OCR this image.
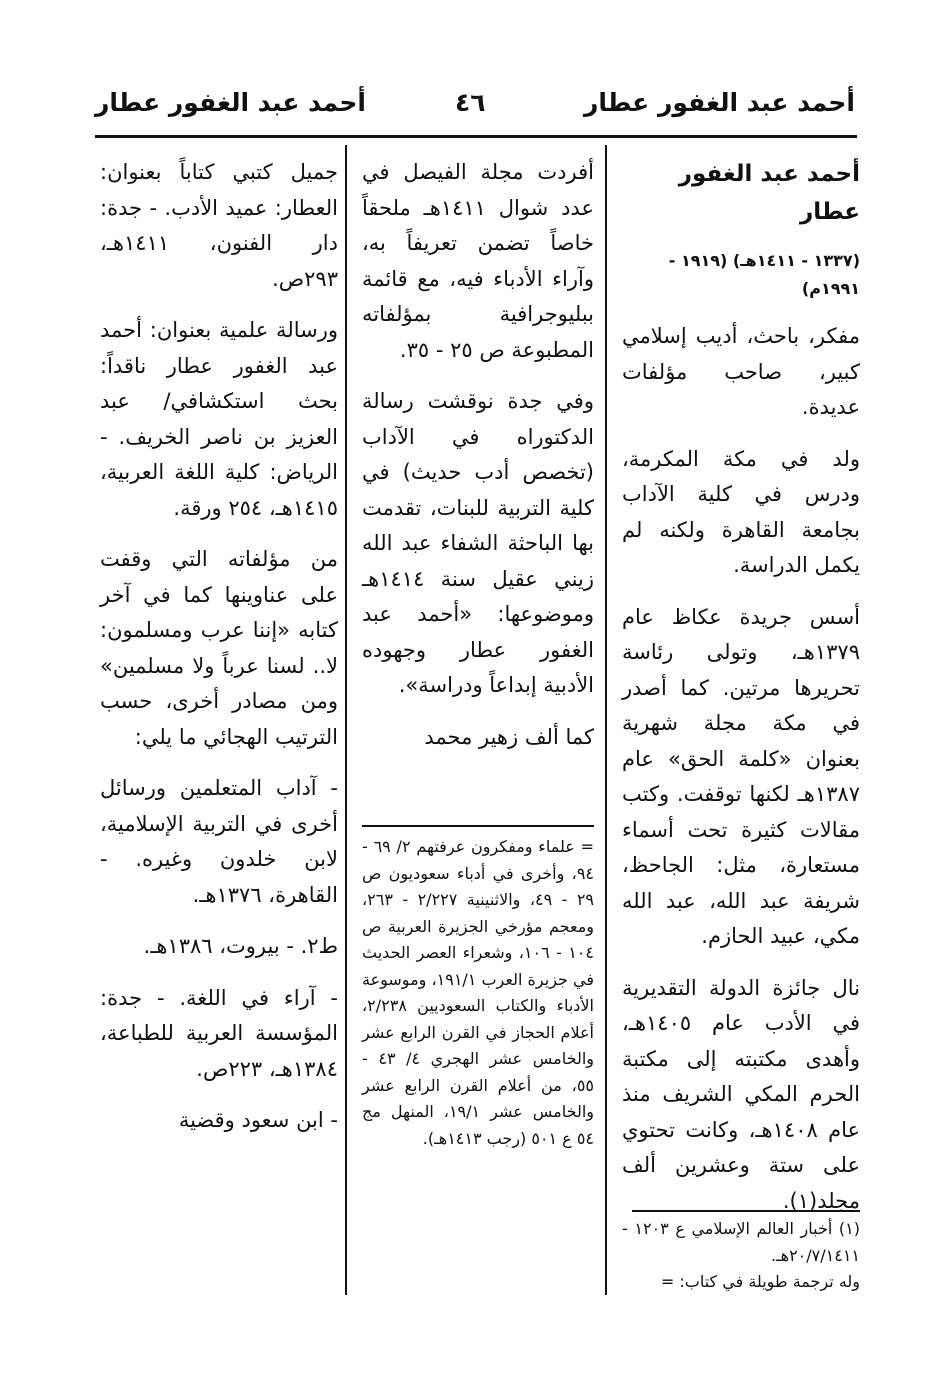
أحمد عبد الغفور عطار
٤٦
أحمد عبد الغفور عطار

أحمد عبد الغفور عطار

(١٣٣٧ - ١٤١١هـ) (١٩١٩ - ١٩٩١م)

مفكر، باحث، أديب إسلامي كبير، صاحب مؤلفات عديدة.

ولد في مكة المكرمة، ودرس في كلية الآداب بجامعة القاهرة ولكنه لم يكمل الدراسة.

أسس جريدة عكاظ عام ١٣٧٩هـ، وتولى رئاسة تحريرها مرتين. كما أصدر في مكة مجلة شهرية بعنوان «كلمة الحق» عام ١٣٨٧هـ لكنها توقفت. وكتب مقالات كثيرة تحت أسماء مستعارة، مثل: الجاحظ، شريفة عبد الله، عبد الله مكي، عبيد الحازم.

نال جائزة الدولة التقديرية في الأدب عام ١٤٠٥هـ، وأهدى مكتبته إلى مكتبة الحرم المكي الشريف منذ عام ١٤٠٨هـ، وكانت تحتوي على ستة وعشرين ألف مجلد(١).

(١) أخبار العالم الإسلامي ع ١٢٠٣ - ٢٠/٧/١٤١١هـ.

وله ترجمة طويلة في كتاب: =

أفردت مجلة الفيصل في عدد شوال ١٤١١هـ ملحقاً خاصاً تضمن تعريفاً به، وآراء الأدباء فيه، مع قائمة ببليوجرافية بمؤلفاته المطبوعة ص ٢٥ - ٣٥.

وفي جدة نوقشت رسالة الدكتوراه في الآداب (تخصص أدب حديث) في كلية التربية للبنات، تقدمت بها الباحثة الشفاء عبد الله زيني عقيل سنة ١٤١٤هـ وموضوعها: «أحمد عبد الغفور عطار وجهوده الأدبية إبداعاً ودراسة».

كما ألف زهير محمد

= علماء ومفكرون عرفتهم ٢/ ٦٩ - ٩٤، وأخرى في أدباء سعوديون ص ٢٩ - ٤٩، والاثنينية ٢/٢٢٧ - ٢٦٣، ومعجم مؤرخي الجزيرة العربية ص ١٠٤ - ١٠٦، وشعراء العصر الحديث في جزيرة العرب ١٩١/١، وموسوعة الأدباء والكتاب السعوديين ٢/٢٣٨، أعلام الحجاز في القرن الرابع عشر والخامس عشر الهجري ٤/ ٤٣ - ٥٥، من أعلام القرن الرابع عشر والخامس عشر ١٩/١، المنهل مج ٥٤ ع ٥٠١ (رجب ١٤١٣هـ).

جميل كتبي كتاباً بعنوان: العطار: عميد الأدب. - جدة: دار الفنون، ١٤١١هـ، ٢٩٣ص.

ورسالة علمية بعنوان: أحمد عبد الغفور عطار ناقداً: بحث استكشافي/ عبد العزيز بن ناصر الخريف. - الرياض: كلية اللغة العربية، ١٤١٥هـ، ٢٥٤ ورقة.

من مؤلفاته التي وقفت على عناوينها كما في آخر كتابه «إننا عرب ومسلمون: لا.. لسنا عرباً ولا مسلمين» ومن مصادر أخرى، حسب الترتيب الهجائي ما يلي:

- آداب المتعلمين ورسائل أخرى في التربية الإسلامية، لابن خلدون وغيره. - القاهرة، ١٣٧٦هـ.

ط٢. - بيروت، ١٣٨٦هـ.

- آراء في اللغة. - جدة: المؤسسة العربية للطباعة، ١٣٨٤هـ، ٢٢٣ص.

- ابن سعود وقضية
